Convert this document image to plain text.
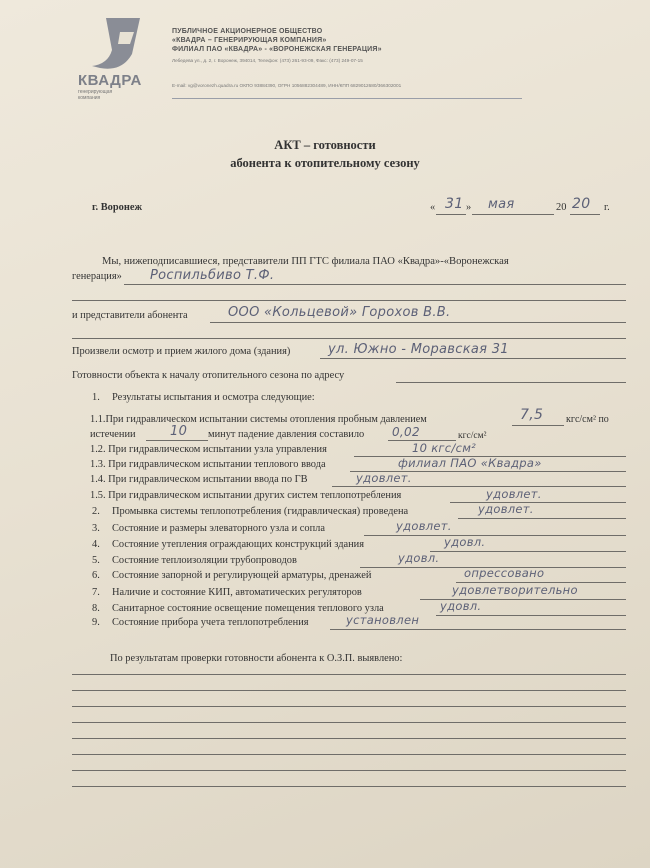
КВАДРА
генерирующая компания
ПУБЛИЧНОЕ АКЦИОНЕРНОЕ ОБЩЕСТВО
«КВАДРА – ГЕНЕРИРУЮЩАЯ КОМПАНИЯ»
ФИЛИАЛ ПАО «КВАДРА» - «ВОРОНЕЖСКАЯ ГЕНЕРАЦИЯ»
Лебедева ул., д. 2, г. Воронеж, 394014, Телефон: (473) 261-93-09, Факс: (473) 249-07-15
E-mail: vg@voronezh.quadra.ru ОКПО 93884390, ОГРН 1056882304489, ИНН/КПП 6829012680/366302001
АКТ – готовности
абонента к отопительному сезону
г. Воронеж	« 31 » мая	20 20 г.
Мы, нижеподписавшиеся, представители ПП ГТС филиала ПАО «Квадра»-«Воронежская
генерация» Роспильбиво Т.Ф.
и представители абонента	ООО «Кольцевой» Горохов В.В.
Произвели осмотр и прием жилого дома (здания)	ул. Южно - Моравская 31
Готовности объекта к началу отопительного сезона по адресу
1. Результаты испытания и осмотра следующие:
1.1.При гидравлическом испытании системы отопления пробным давлением	7,5 кгс/см² по
истечении	10 минут падение давления составило 0,02	кгс/см²
1.2. При гидравлическом испытании узла управления	10 кгс/см²
1.3. При гидравлическом испытании теплового ввода	филиал ПАО «Квадра»
1.4. При гидравлическом испытании ввода по ГВ	удовлет.
1.5. При гидравлическом испытании других систем теплопотребления	удовлет.
2. Промывка системы теплопотребления (гидравлическая) проведена	удовлет.
3. Состояние и размеры элеваторного узла и сопла	удовлет.
4. Состояние утепления ограждающих конструкций здания	удовл.
5. Состояние теплоизоляции трубопроводов	удовл.
6. Состояние запорной и регулирующей арматуры, дренажей	опрессовано
7. Наличие и состояние КИП, автоматических регуляторов	удовлетворительно
8. Санитарное состояние освещение помещения теплового узла	удовл.
9. Состояние прибора учета теплопотребления	установлен
По результатам проверки готовности абонента к О.З.П. выявлено:
